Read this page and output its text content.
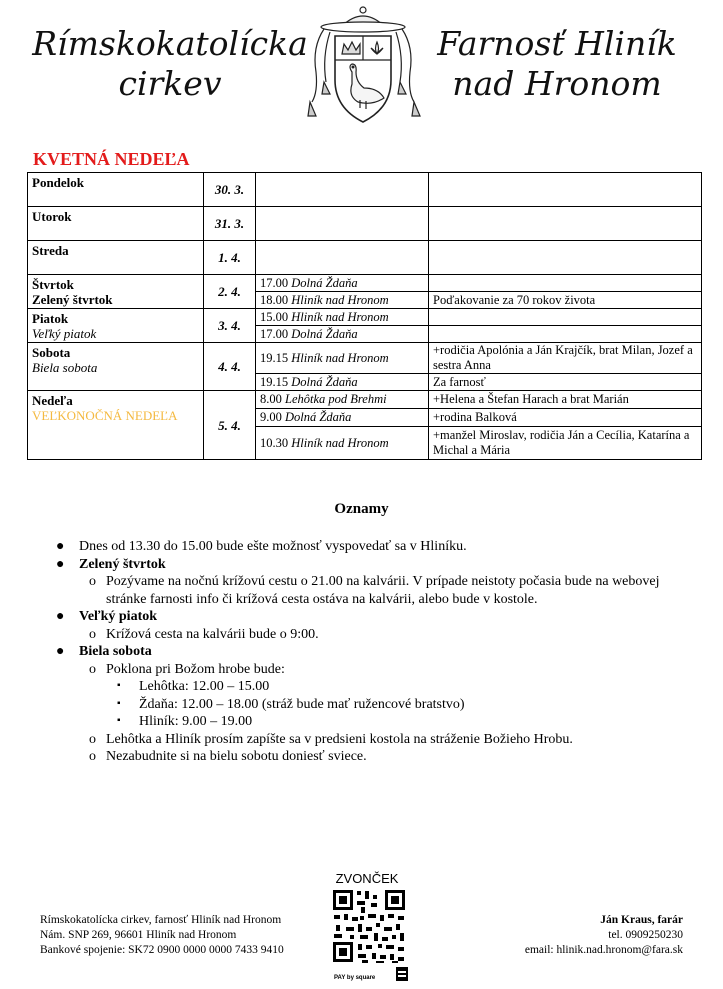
Rímskokatolícka
cirkev
Farnosť Hliník
nad Hronom
KVETNÁ NEDEĽA
Pondelok	30. 3.		
Utorok	31. 3.		
Streda	1. 4.		

Štvrtok
Zelený štvrtok	2. 4.	17.00 Dolná Ždaňa	
		18.00 Hliník nad Hronom	Poďakovanie za 70 rokov života

Piatok
Veľký piatok	3. 4.	15.00 Hliník nad Hronom	
		17.00 Dolná Ždaňa	

Sobota
Biela sobota	4. 4.	19.15 Hliník nad Hronom	+rodičia Apolónia a Ján Krajčík, brat Milan, Jozef a sestra Anna
		19.15 Dolná Ždaňa	Za farnosť

Nedeľa
VEĽKONOČNÁ NEDEĽA	5. 4.	8.00 Lehôtka pod Brehmi	+Helena a Štefan Harach a brat Marián
		9.00 Dolná Ždaňa	+rodina Balková
		10.30 Hliník nad Hronom	+manžel Miroslav, rodičia Ján a Cecília, Katarína a Michal a Mária
Oznamy
● Dnes od 13.30 do 15.00 bude ešte možnosť vyspovedať sa v Hliníku.
● Zelený štvrtok
o Pozývame na nočnú krížovú cestu o 21.00 na kalvárii. V prípade neistoty počasia bude na webovej stránke farnosti info či krížová cesta ostáva na kalvárii, alebo bude v kostole.
● Veľký piatok
o Krížová cesta na kalvárii bude o 9:00.
● Biela sobota
o Poklona pri Božom hrobe bude:
▪ Lehôtka: 12.00 – 15.00
▪ Ždaňa: 12.00 – 18.00 (stráž bude mať ružencové bratstvo)
▪ Hliník: 9.00 – 19.00
o Lehôtka a Hliník prosím zapíšte sa v predsieni kostola na stráženie Božieho Hrobu.
o Nezabudnite si na bielu sobotu doniesť sviece.
Rímskokatolícka cirkev, farnosť Hliník nad Hronom
Nám. SNP 269, 96601 Hliník nad Hronom
Bankové spojenie: SK72 0900 0000 0000 7433 9410
ZVONČEK
PAY by square
Ján Kraus, farár
tel. 0909250230
email: hlinik.nad.hronom@fara.sk
